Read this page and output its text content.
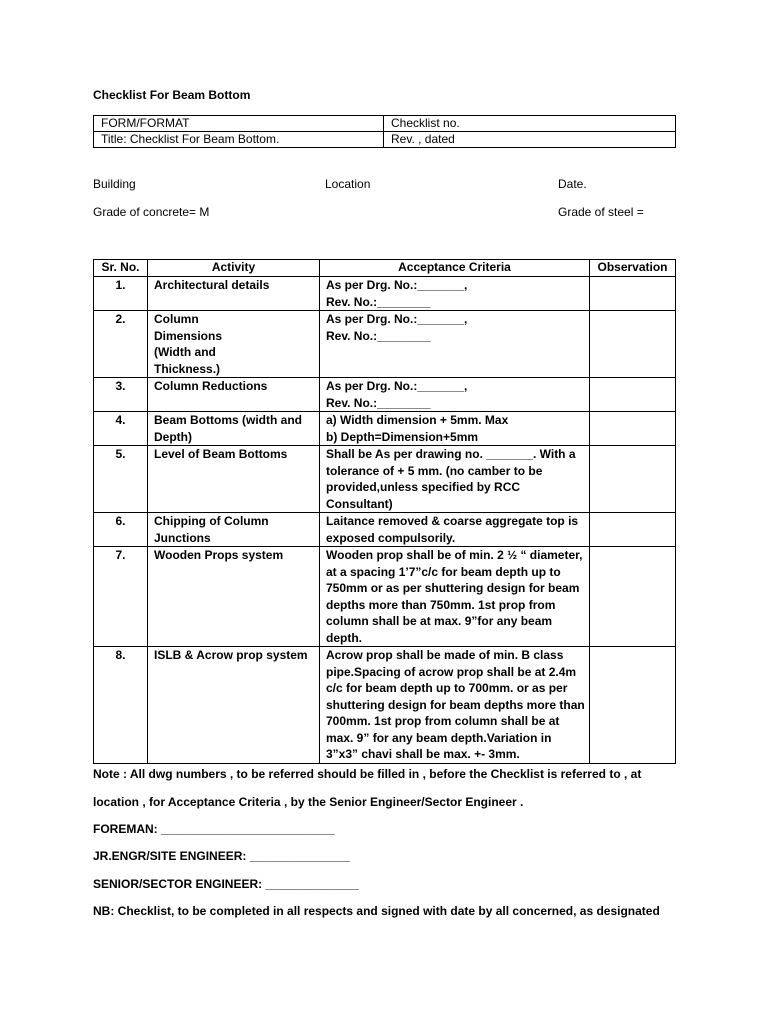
Checklist For Beam Bottom
FORM/FORMAT	Checklist no.
Title: Checklist For Beam Bottom.	Rev. , dated
Building	Location	Date.
Grade of concrete= M	Grade of steel =
Sr. No.	Activity	Acceptance Criteria	Observation
1.	Architectural details	As per Drg. No.:_______,
Rev. No.:________	

2.	Column Dimensions (Width and Thickness.)	As per Drg. No.:_______,
Rev. No.:________	

3.	Column Reductions	As per Drg. No.:_______,
Rev. No.:________	

4.	Beam Bottoms (width and Depth)	a) Width dimension + 5mm. Max
b) Depth=Dimension+5mm	

5.	Level of Beam Bottoms	Shall be As per drawing no. _______. With a tolerance of + 5 mm. (no camber to be provided,unless specified by RCC Consultant)	

6.	Chipping of Column Junctions	Laitance removed & coarse aggregate top is exposed compulsorily.	

7.	Wooden Props system	Wooden prop shall be of min. 2 ½ “ diameter, at a spacing 1’7”c/c for beam depth up to 750mm or as per shuttering design for beam depths more than 750mm. 1st prop from column shall be at max. 9”for any beam depth.	

8.	ISLB & Acrow prop system	Acrow prop shall be made of min. B class pipe.Spacing of acrow prop shall be at 2.4m c/c for beam depth up to 700mm. or as per shuttering design for beam depths more than 700mm. 1st prop from column shall be at max. 9” for any beam depth.Variation in 3”x3” chavi shall be max. +- 3mm.	

Note : All dwg numbers , to be referred should be filled in , before the Checklist is referred to , at
location , for Acceptance Criteria , by the Senior Engineer/Sector Engineer .
FOREMAN: __________________________
JR.ENGR/SITE ENGINEER: _______________
SENIOR/SECTOR ENGINEER: ______________
NB: Checklist, to be completed in all respects and signed with date by all concerned, as designated
